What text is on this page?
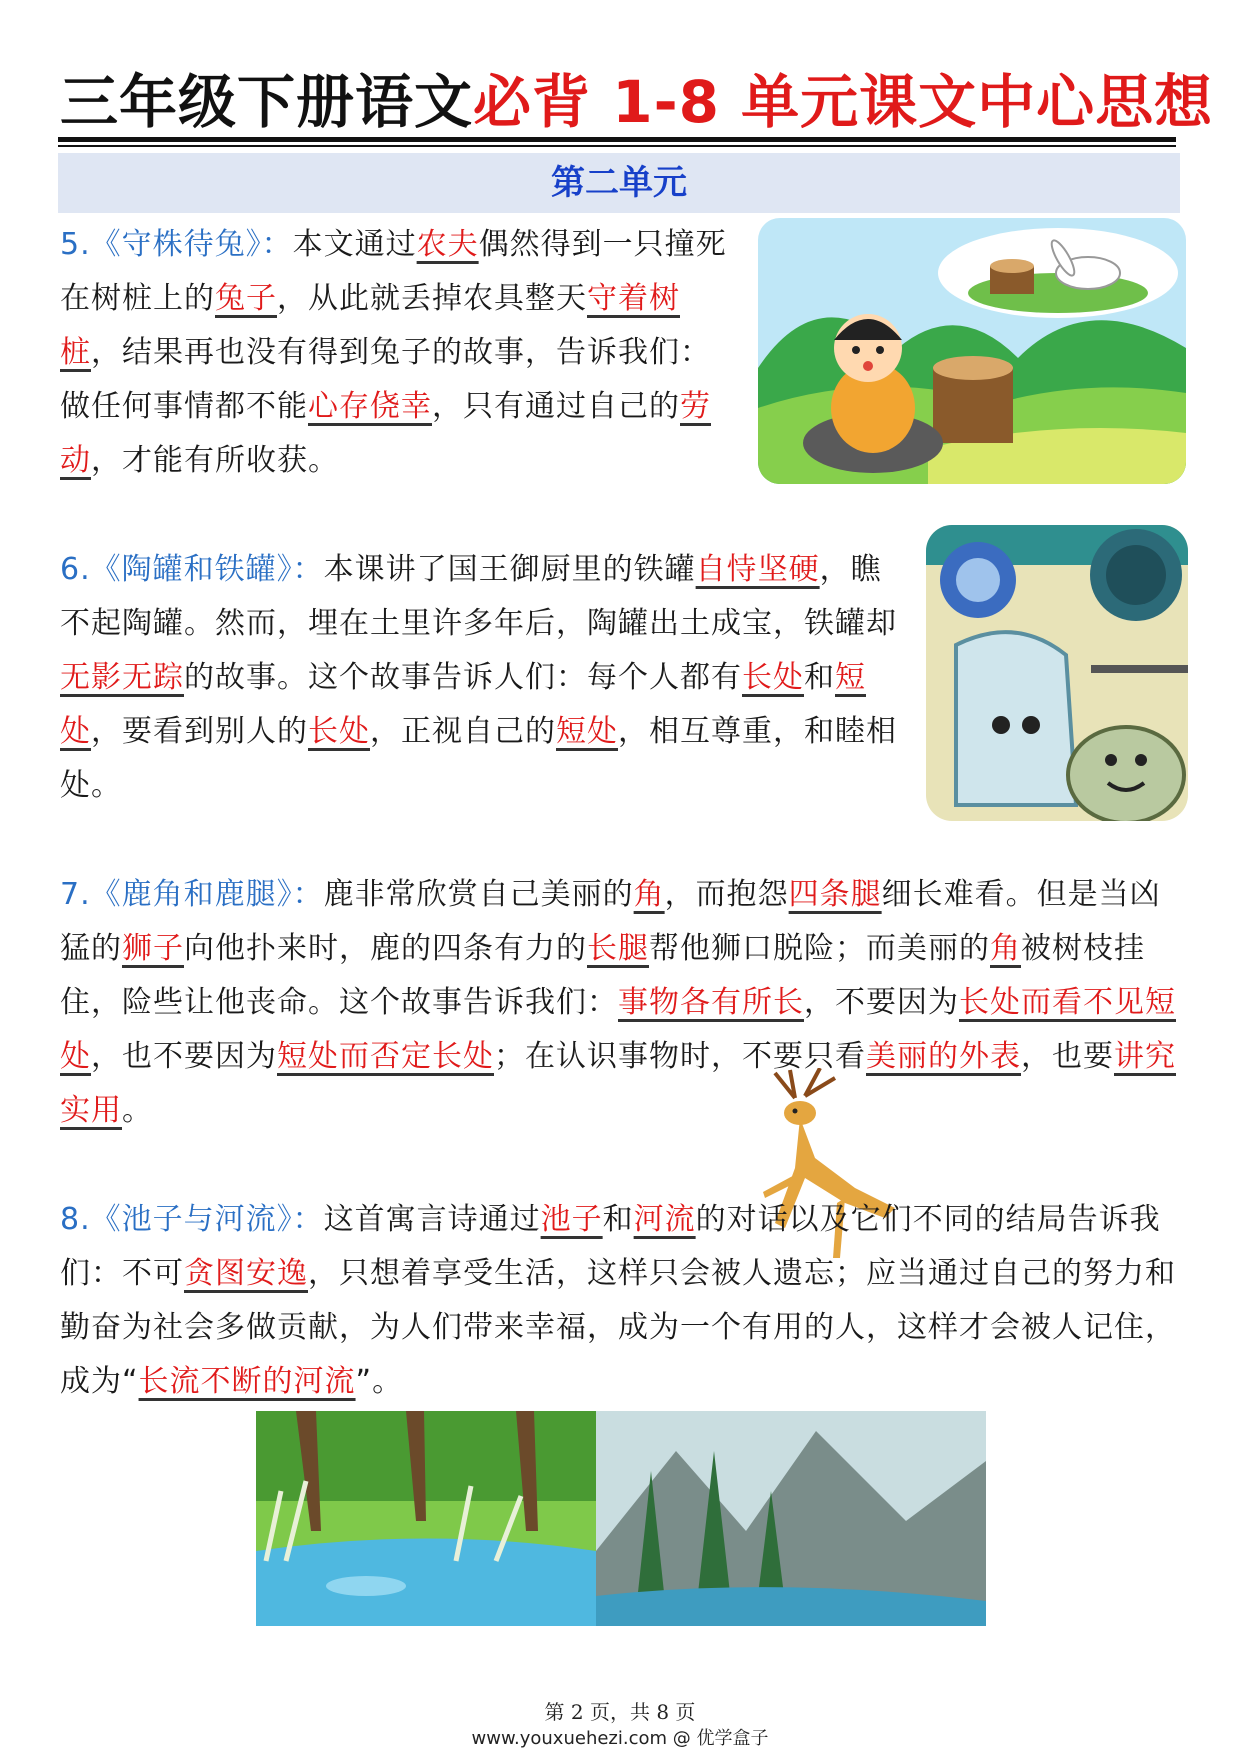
三年级下册语文必背 1-8 单元课文中心思想
第二单元
5.《守株待兔》：本文通过农夫偶然得到一只撞死在树桩上的兔子，从此就丢掉农具整天守着树桩，结果再也没有得到兔子的故事，告诉我们：做任何事情都不能心存侥幸，只有通过自己的劳动，才能有所收获。
6.《陶罐和铁罐》：本课讲了国王御厨里的铁罐自恃坚硬，瞧不起陶罐。然而，埋在土里许多年后，陶罐出土成宝，铁罐却无影无踪的故事。这个故事告诉人们：每个人都有长处和短处，要看到别人的长处，正视自己的短处，相互尊重，和睦相处。
7.《鹿角和鹿腿》：鹿非常欣赏自己美丽的角，而抱怨四条腿细长难看。但是当凶猛的狮子向他扑来时，鹿的四条有力的长腿帮他狮口脱险；而美丽的角被树枝挂住，险些让他丧命。这个故事告诉我们：事物各有所长，不要因为长处而看不见短处，也不要因为短处而否定长处；在认识事物时，不要只看美丽的外表，也要讲究实用。
8.《池子与河流》：这首寓言诗通过池子和河流的对话以及它们不同的结局告诉我们：不可贪图安逸，只想着享受生活，这样只会被人遗忘；应当通过自己的努力和勤奋为社会多做贡献，为人们带来幸福，成为一个有用的人，这样才会被人记住，成为“长流不断的河流”。
第 2 页，共 8 页
www.youxuehezi.com @ 优学盒子
